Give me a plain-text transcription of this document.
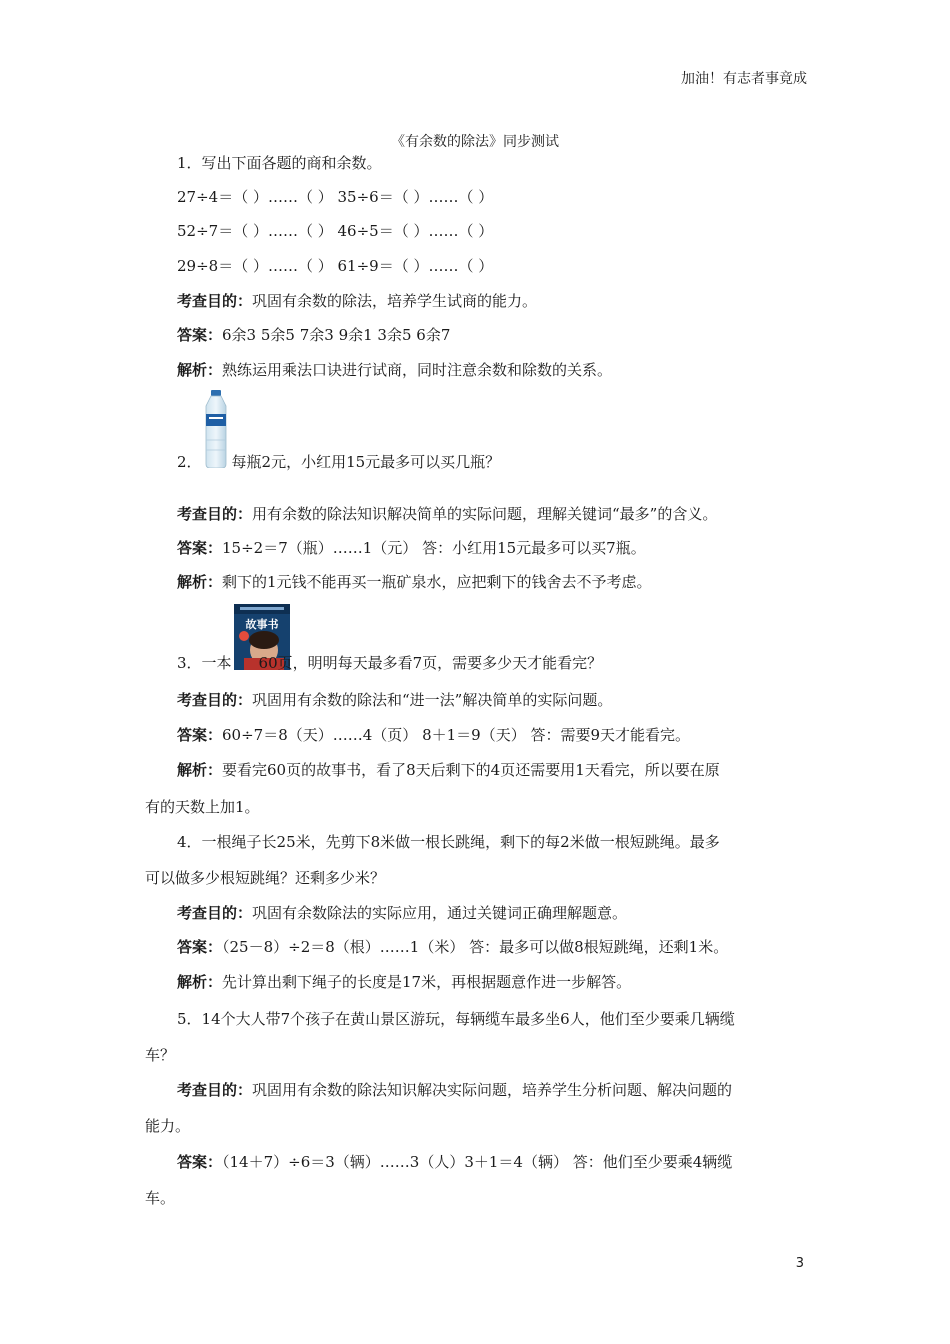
加油！有志者事竟成
《有余数的除法》同步测试
1．写出下面各题的商和余数。
27÷4＝（ ）……（ ） 35÷6＝（ ）……（ ）
52÷7＝（ ）……（ ） 46÷5＝（ ）……（ ）
29÷8＝（ ）……（ ） 61÷9＝（ ）……（ ）
考查目的：巩固有余数的除法，培养学生试商的能力。
答案：6余3 5余5 7余3 9余1 3余5 6余7
解析：熟练运用乘法口诀进行试商，同时注意余数和除数的关系。
2． 每瓶2元，小红用15元最多可以买几瓶？
考查目的：用有余数的除法知识解决简单的实际问题，理解关键词“最多”的含义。
答案：15÷2＝7（瓶）……1（元） 答：小红用15元最多可以买7瓶。
解析：剩下的1元钱不能再买一瓶矿泉水，应把剩下的钱舍去不予考虑。
故事书
3．一本 60页，明明每天最多看7页，需要多少天才能看完？
考查目的：巩固用有余数的除法和“进一法”解决简单的实际问题。
答案：60÷7＝8（天）……4（页） 8＋1＝9（天） 答：需要9天才能看完。
解析：要看完60页的故事书，看了8天后剩下的4页还需要用1天看完，所以要在原
有的天数上加1。
4．一根绳子长25米，先剪下8米做一根长跳绳，剩下的每2米做一根短跳绳。最多
可以做多少根短跳绳？还剩多少米？
考查目的：巩固有余数除法的实际应用，通过关键词正确理解题意。
答案：（25－8）÷2＝8（根）……1（米） 答：最多可以做8根短跳绳，还剩1米。
解析：先计算出剩下绳子的长度是17米，再根据题意作进一步解答。
5．14个大人带7个孩子在黄山景区游玩，每辆缆车最多坐6人，他们至少要乘几辆缆
车？
考查目的：巩固用有余数的除法知识解决实际问题，培养学生分析问题、解决问题的
能力。
答案：（14＋7）÷6＝3（辆）……3（人）3＋1＝4（辆） 答：他们至少要乘4辆缆
车。
3
